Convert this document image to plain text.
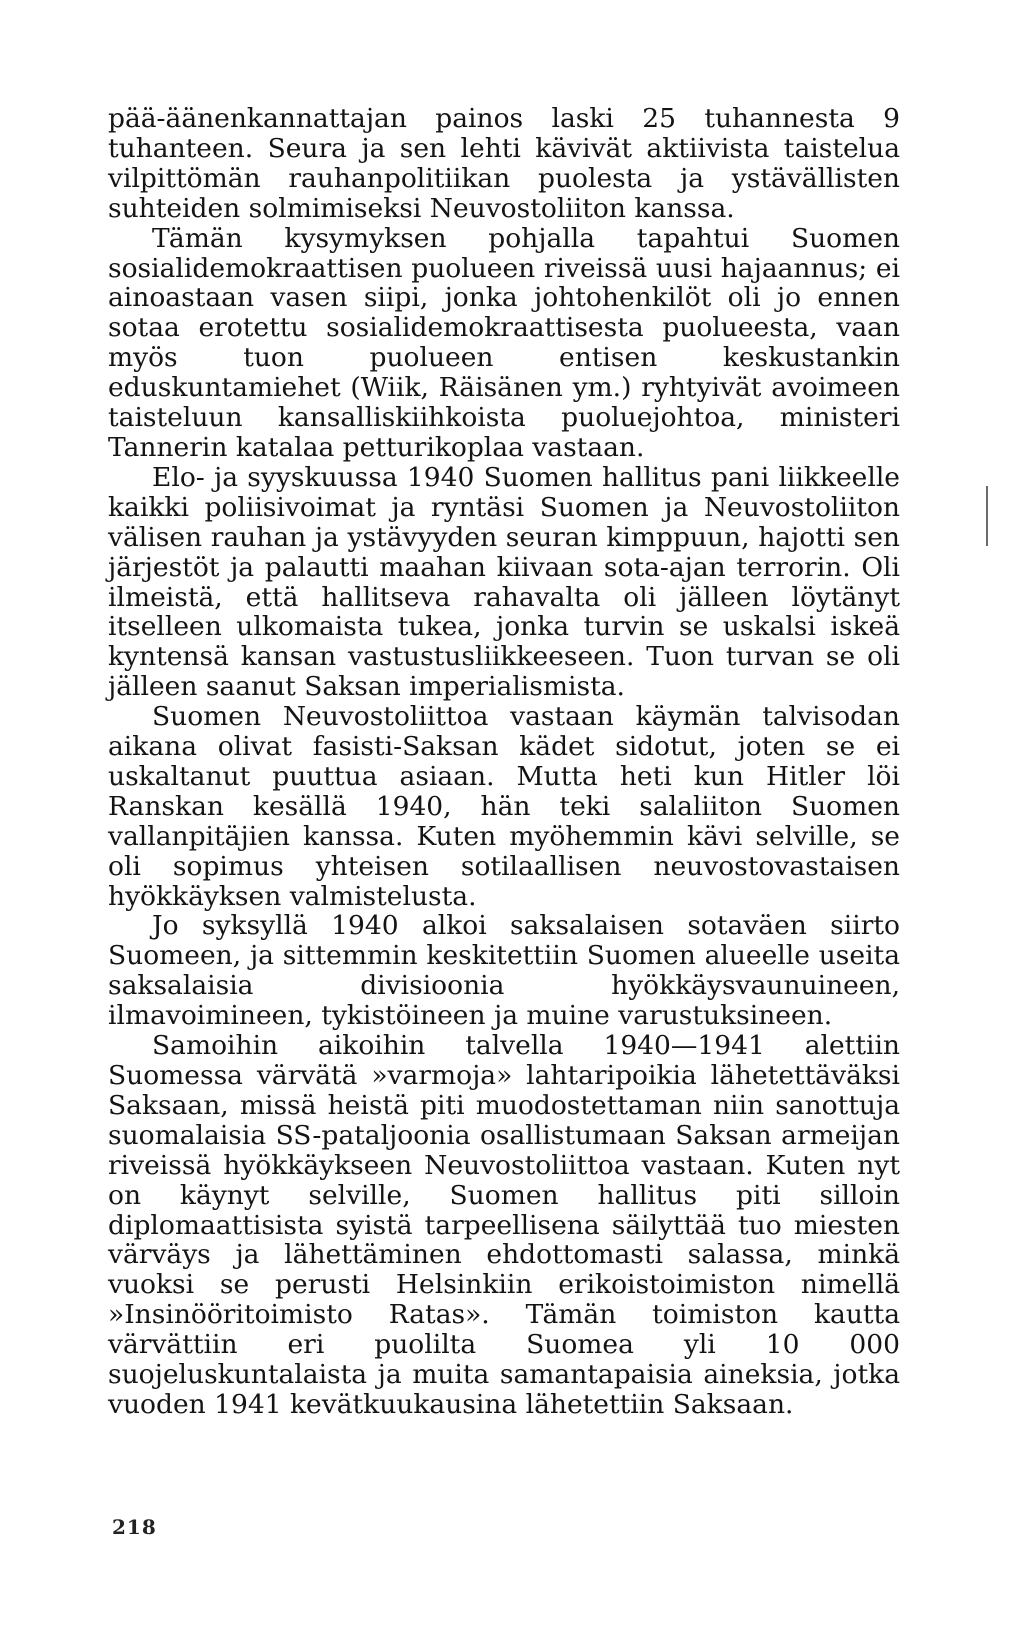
pää-äänenkannattajan painos laski 25 tuhannesta 9 tuhanteen. Seura ja sen lehti kävivät aktiivista taistelua vilpittömän rauhanpolitiikan puolesta ja ystävällisten suhteiden solmimiseksi Neuvostoliiton kanssa.

Tämän kysymyksen pohjalla tapahtui Suomen sosialidemokraattisen puolueen riveissä uusi hajaannus; ei ainoastaan vasen siipi, jonka johtohenkilöt oli jo ennen sotaa erotettu sosialidemokraattisesta puolueesta, vaan myös tuon puolueen entisen keskustankin eduskuntamiehet (Wiik, Räisänen ym.) ryhtyivät avoimeen taisteluun kansalliskiihkoista puoluejohtoa, ministeri Tannerin katalaa petturikoplaa vastaan.

Elo- ja syyskuussa 1940 Suomen hallitus pani liikkeelle kaikki poliisivoimat ja ryntäsi Suomen ja Neuvostoliiton välisen rauhan ja ystävyyden seuran kimppuun, hajotti sen järjestöt ja palautti maahan kiivaan sota-ajan terrorin. Oli ilmeistä, että hallitseva rahavalta oli jälleen löytänyt itselleen ulkomaista tukea, jonka turvin se uskalsi iskeä kyntensä kansan vastustusliikkeeseen. Tuon turvan se oli jälleen saanut Saksan imperialismista.

Suomen Neuvostoliittoa vastaan käymän talvisodan aikana olivat fasisti-Saksan kädet sidotut, joten se ei uskaltanut puuttua asiaan. Mutta heti kun Hitler löi Ranskan kesällä 1940, hän teki salaliiton Suomen vallanpitäjien kanssa. Kuten myöhemmin kävi selville, se oli sopimus yhteisen sotilaallisen neuvostovastaisen hyökkäyksen valmistelusta.

Jo syksyllä 1940 alkoi saksalaisen sotaväen siirto Suomeen, ja sittemmin keskitettiin Suomen alueelle useita saksalaisia divisioonia hyökkäysvaunuineen, ilmavoimineen, tykistöineen ja muine varustuksineen.

Samoihin aikoihin talvella 1940—1941 alettiin Suomessa värvätä »varmoja» lahtaripoikia lähetettäväksi Saksaan, missä heistä piti muodostettaman niin sanottuja suomalaisia SS-pataljoonia osallistumaan Saksan armeijan riveissä hyökkäykseen Neuvostoliittoa vastaan. Kuten nyt on käynyt selville, Suomen hallitus piti silloin diplomaattisista syistä tarpeellisena säilyttää tuo miesten värväys ja lähettäminen ehdottomasti salassa, minkä vuoksi se perusti Helsinkiin erikoistoimiston nimellä »Insinööritoimisto Ratas». Tämän toimiston kautta värvättiin eri puolilta Suomea yli 10 000 suojeluskuntalaista ja muita samantapaisia aineksia, jotka vuoden 1941 kevätkuukausina lähetettiin Saksaan.

218
